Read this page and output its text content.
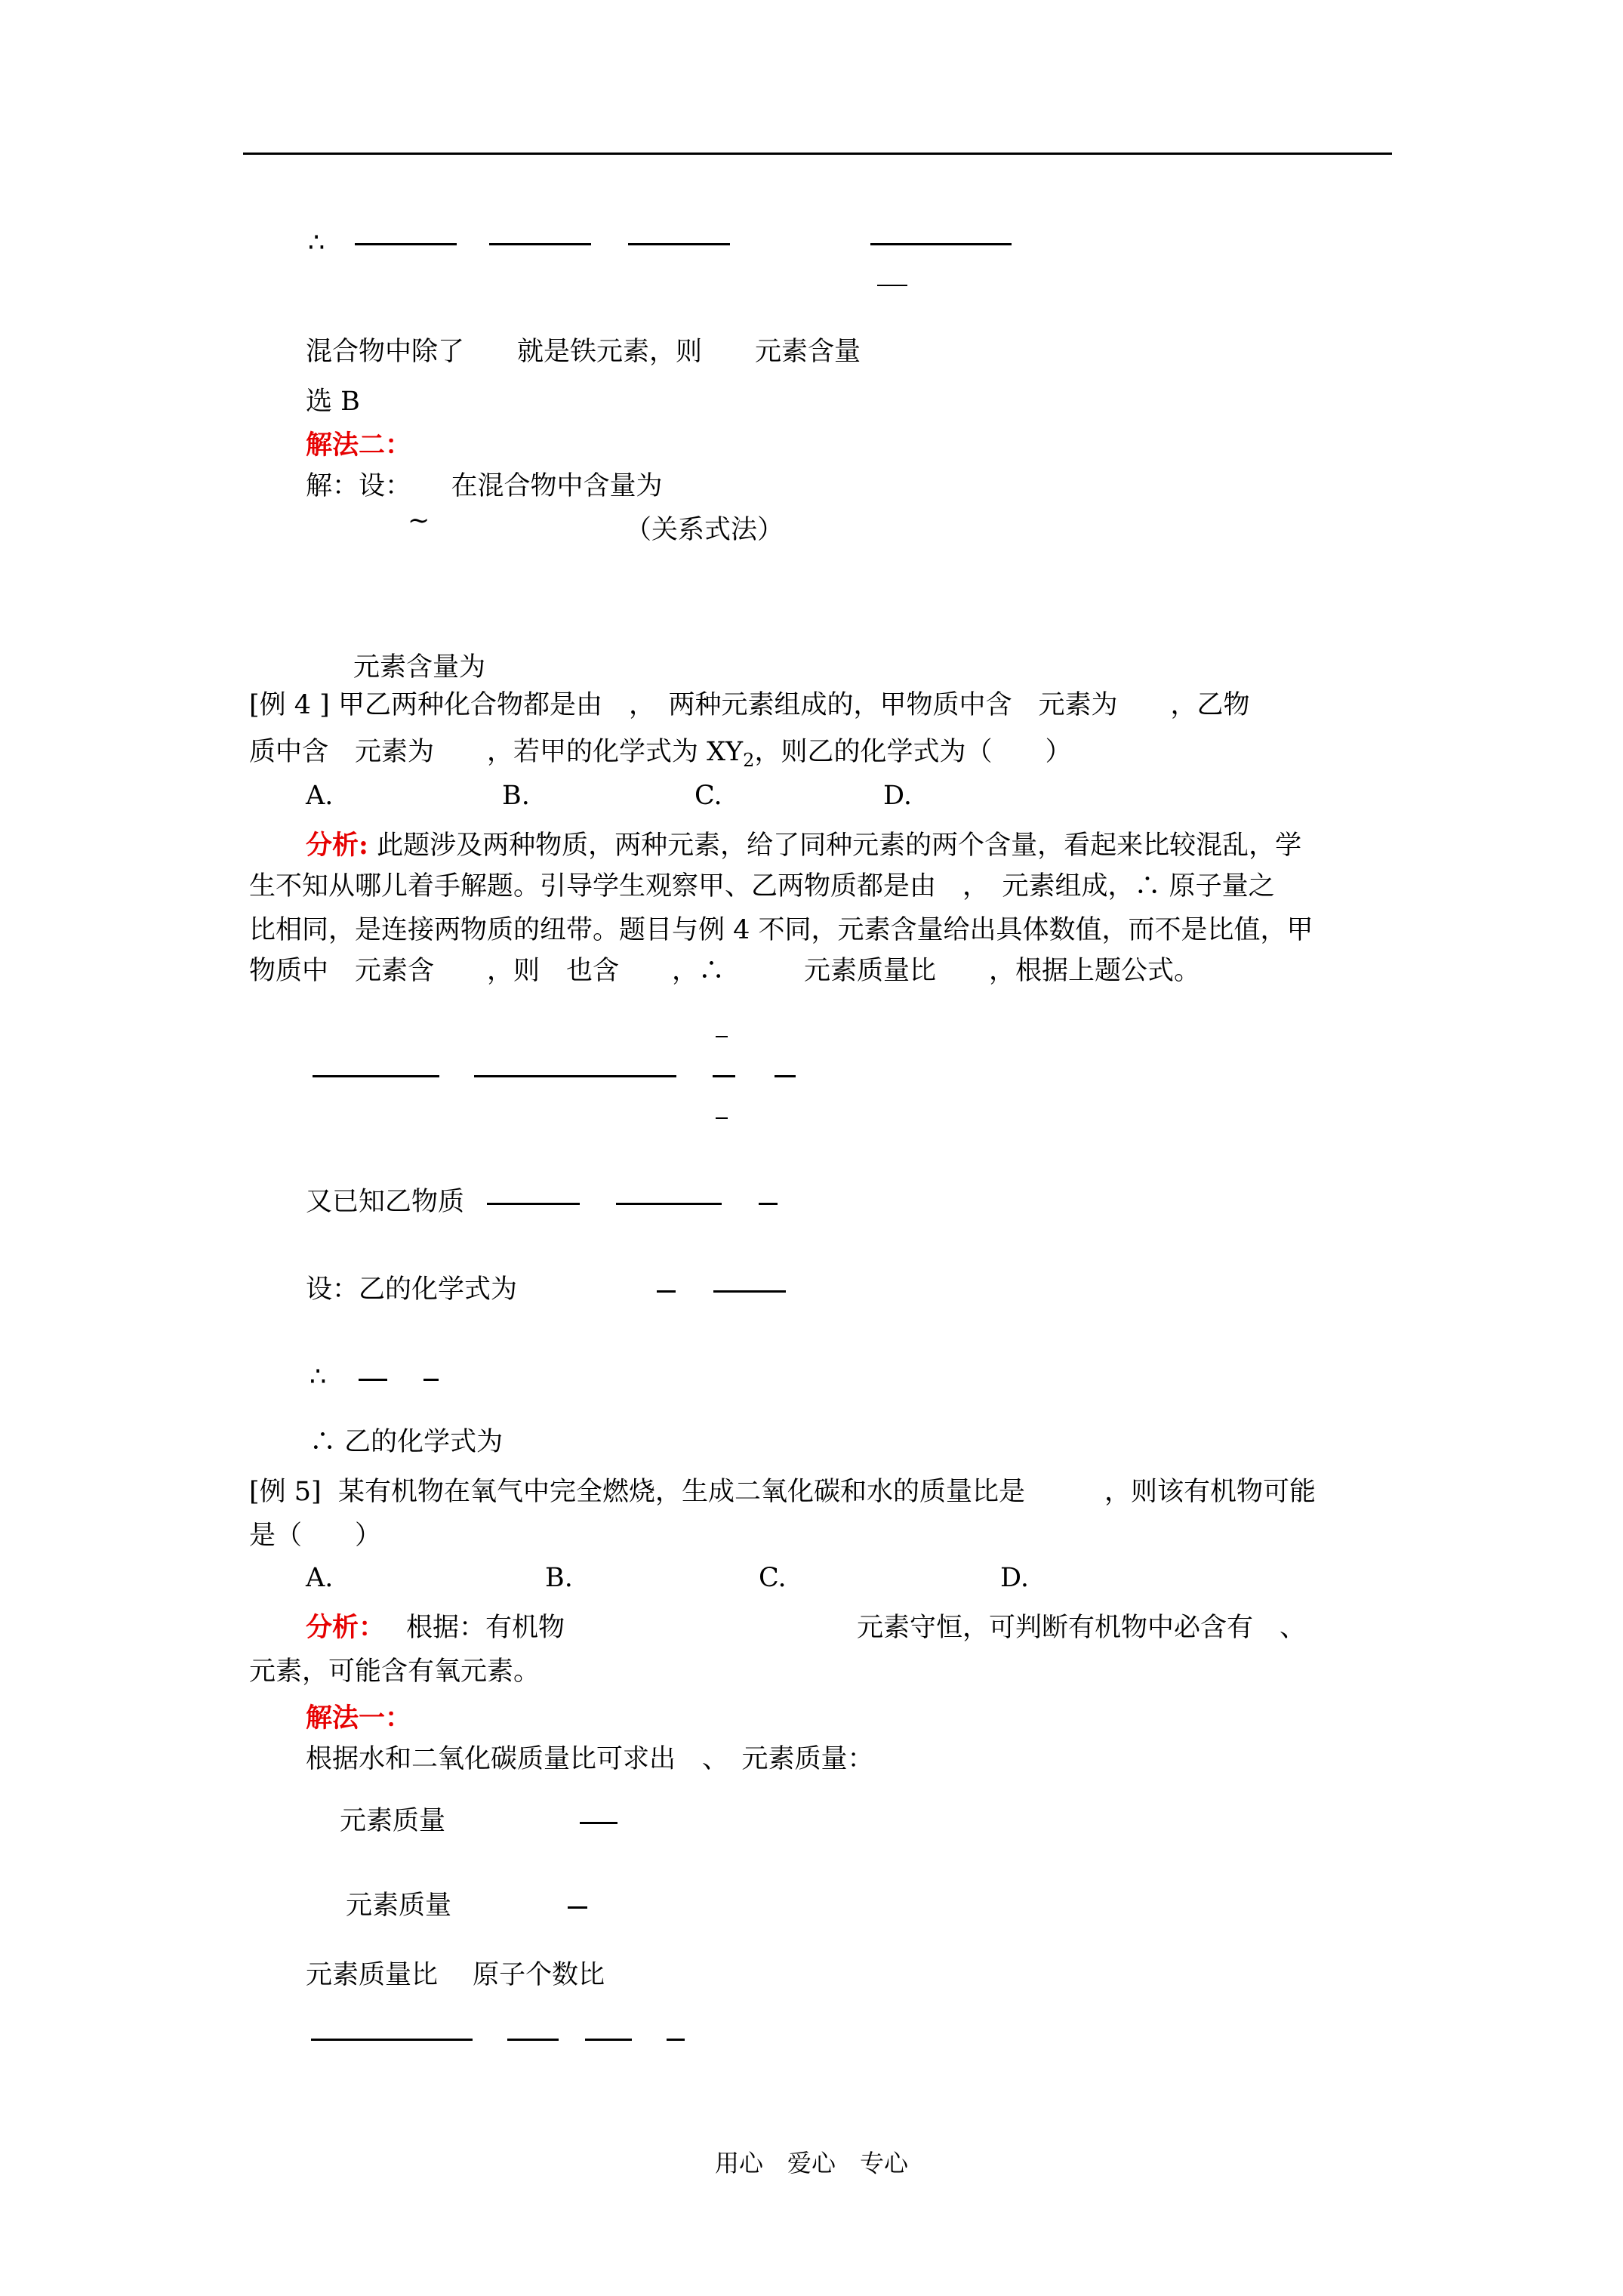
∴
混合物中除了　　就是铁元素，则　　元素含量
选 B
解法二：
解：设：　　在混合物中含量为
~	（关系式法）
元素含量为
[例 4 ] 甲乙两种化合物都是由　，　两种元素组成的，甲物质中含　元素为　　，乙物
质中含　元素为　　，若甲的化学式为 $XY_2$，则乙的化学式为（　　）
A.	B.	C.	D.
分析: 此题涉及两种物质，两种元素，给了同种元素的两个含量，看起来比较混乱，学
生不知从哪儿着手解题。引导学生观察甲、乙两物质都是由　，　元素组成，∴ 原子量之
比相同，是连接两物质的纽带。题目与例 4 不同，元素含量给出具体数值，而不是比值，甲
物质中　元素含　　，则　也含　　，∴　　　元素质量比　　，根据上题公式。
又已知乙物质
设：乙的化学式为
∴
∴ 乙的化学式为
[例 5]  某有机物在氧气中完全燃烧，生成二氧化碳和水的质量比是　　　，则该有机物可能
是（　　）
A.	B.	C.	D.
分析： 根据：有机物	元素守恒，可判断有机物中必含有　、
元素，可能含有氧元素。
解法一：
根据水和二氧化碳质量比可求出　、　元素质量：
元素质量
元素质量
元素质量比　 原子个数比
用心　爱心　专心
